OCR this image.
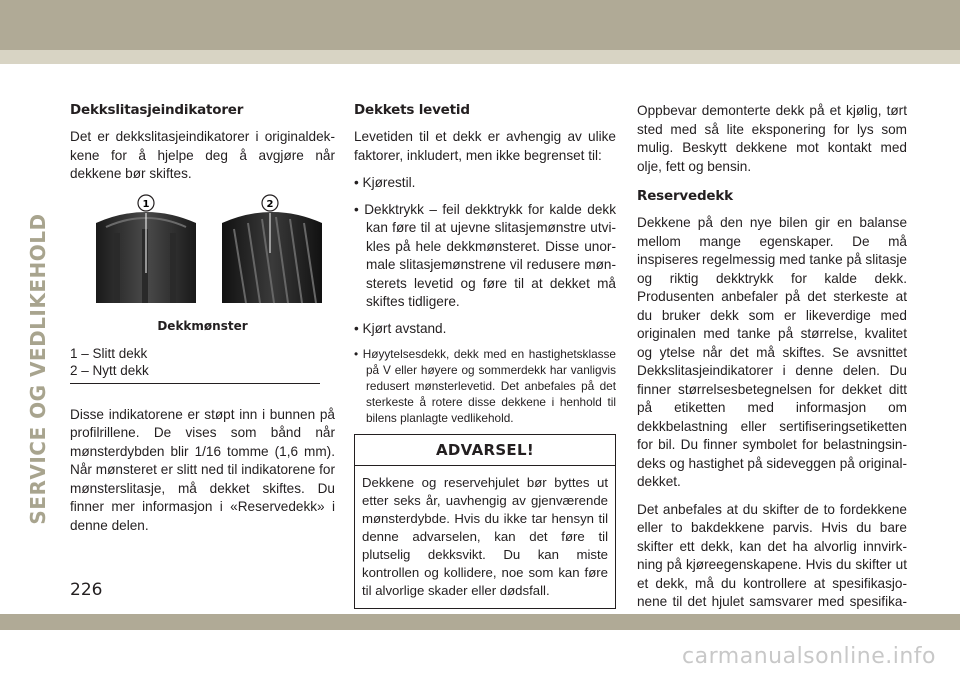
SERVICE OG VEDLIKEHOLD
Dekkslitasjeindikatorer

Det er dekkslitasjeindikatorer i originaldekkene for å hjelpe deg å avgjøre når dekkene bør skiftes.

1	2
Dekkmønster
1 – Slitt dekk
2 – Nytt dekk

Disse indikatorene er støpt inn i bunnen på profilrillene. De vises som bånd når mønsterdybden blir 1/16 tomme (1,6 mm). Når mønsteret er slitt ned til indikatorene for mønsterslitasje, må dekket skiftes. Du finner mer informasjon i «Reservedekk» i denne delen.

Dekkets levetid

Levetiden til et dekk er avhengig av ulike faktorer, inkludert, men ikke begrenset til:

• Kjørestil.
• Dekktrykk – feil dekktrykk for kalde dekk kan føre til at ujevne slitasjemønstre utvikles på hele dekkmønsteret. Disse unormale slitasjemønstrene vil redusere mønsterets levetid og føre til at dekket må skiftes tidligere.
• Kjørt avstand.
• Høyytelsesdekk, dekk med en hastighetsklasse på V eller høyere og sommerdekk har vanligvis redusert mønsterlevetid. Det anbefales på det sterkeste å rotere disse dekkene i henhold til bilens planlagte vedlikehold.
ADVARSEL!
Dekkene og reservehjulet bør byttes ut etter seks år, uavhengig av gjenværende mønsterdybde. Hvis du ikke tar hensyn til denne advarselen, kan det føre til plutselig dekksvikt. Du kan miste kontrollen og kollidere, noe som kan føre til alvorlige skader eller dødsfall.

Oppbevar demonterte dekk på et kjølig, tørt sted med så lite eksponering for lys som mulig. Beskytt dekkene mot kontakt med olje, fett og bensin.

Reservedekk

Dekkene på den nye bilen gir en balanse mellom mange egenskaper. De må inspiseres regelmessig med tanke på slitasje og riktig dekktrykk for kalde dekk. Produsenten anbefaler på det sterkeste at du bruker dekk som er likeverdige med originalen med tanke på størrelse, kvalitet og ytelse når det må skiftes. Se avsnittet Dekkslitasjeindikatorer i denne delen. Du finner størrelsesbetegnelsen for dekket ditt på etiketten med informasjon om dekkbelastning eller sertifiseringsetiketten for bil. Du finner symbolet for belastningsindeks og hastighet på sideveggen på original-dekket.

Det anbefales at du skifter de to fordekkene eller to bakdekkene parvis. Hvis du bare skifter ett dekk, kan det ha alvorlig innvirkning på kjøreegenskapene. Hvis du skifter ut et dekk, må du kontrollere at spesifikasjonene til det hjulet samsvarer med spesifika

226
carmanualsonline.info
